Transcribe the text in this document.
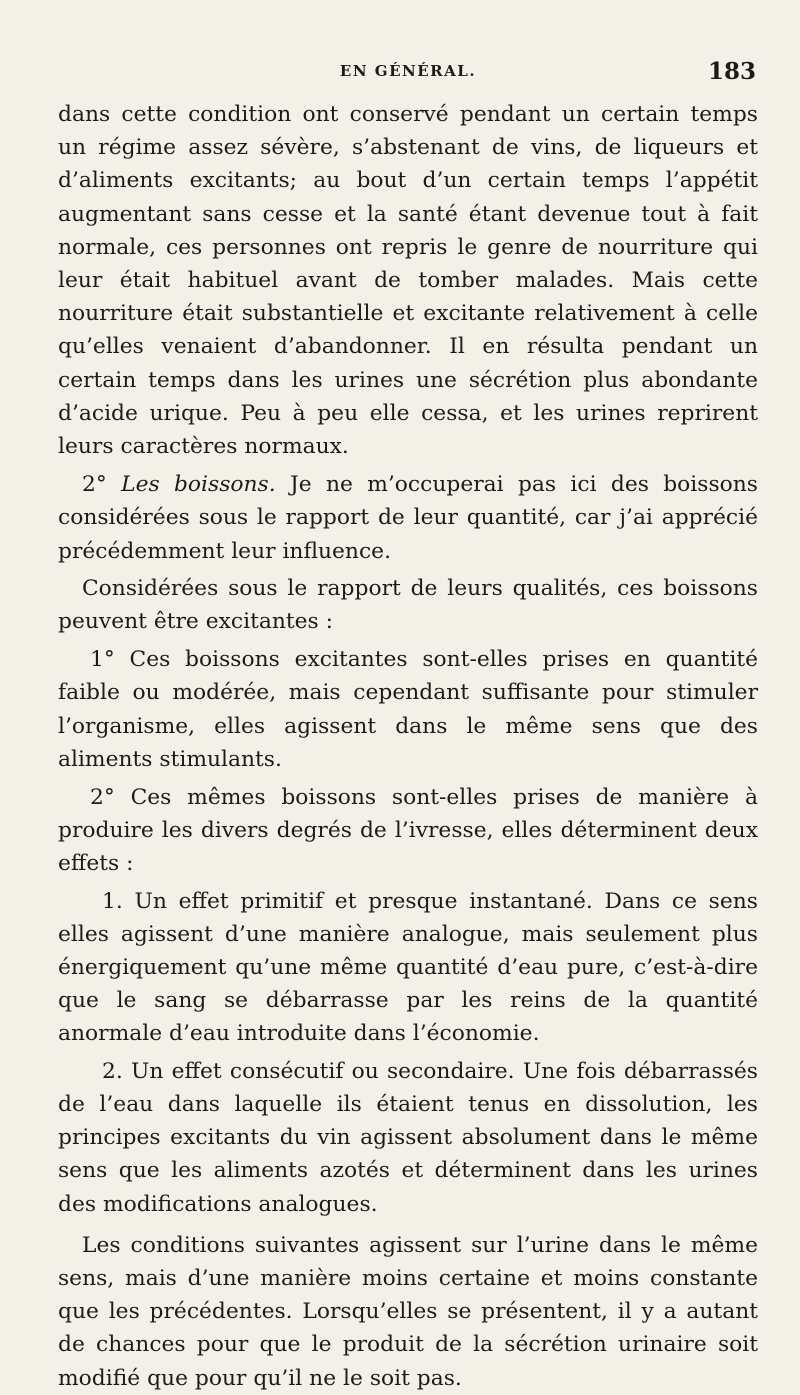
EN GÉNÉRAL.	183

dans cette condition ont conservé pendant un certain temps un régime assez sévère, s’abstenant de vins, de liqueurs et d’aliments excitants; au bout d’un certain temps l’appétit augmentant sans cesse et la santé étant devenue tout à fait normale, ces personnes ont repris le genre de nourriture qui leur était habituel avant de tomber malades. Mais cette nourriture était substantielle et excitante relativement à celle qu’elles venaient d’abandonner. Il en résulta pendant un certain temps dans les urines une sécrétion plus abondante d’acide urique. Peu à peu elle cessa, et les urines reprirent leurs caractères normaux.

2° Les boissons. Je ne m’occuperai pas ici des boissons considérées sous le rapport de leur quantité, car j’ai apprécié précédemment leur influence.

Considérées sous le rapport de leurs qualités, ces boissons peuvent être excitantes :

1° Ces boissons excitantes sont-elles prises en quantité faible ou modérée, mais cependant suffisante pour stimuler l’organisme, elles agissent dans le même sens que des aliments stimulants.

2° Ces mêmes boissons sont-elles prises de manière à produire les divers degrés de l’ivresse, elles déterminent deux effets :

1. Un effet primitif et presque instantané. Dans ce sens elles agissent d’une manière analogue, mais seulement plus énergiquement qu’une même quantité d’eau pure, c’est-à-dire que le sang se débarrasse par les reins de la quantité anormale d’eau introduite dans l’économie.

2. Un effet consécutif ou secondaire. Une fois débarrassés de l’eau dans laquelle ils étaient tenus en dissolution, les principes excitants du vin agissent absolument dans le même sens que les aliments azotés et déterminent dans les urines des modifications analogues.

Les conditions suivantes agissent sur l’urine dans le même sens, mais d’une manière moins certaine et moins constante que les précédentes. Lorsqu’elles se présentent, il y a autant de chances pour que le produit de la sécrétion urinaire soit modifié que pour qu’il ne le soit pas.
